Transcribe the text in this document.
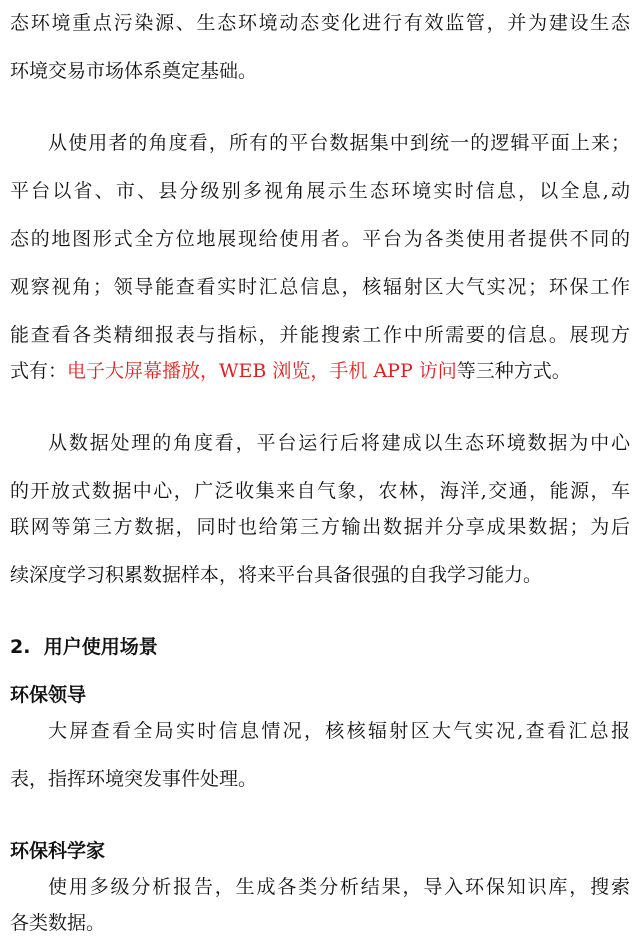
态环境重点污染源、生态环境动态变化进行有效监管，并为建设生态
环境交易市场体系奠定基础。
从使用者的角度看，所有的平台数据集中到统一的逻辑平面上来；
平台以省、市、县分级别多视角展示生态环境实时信息，以全息,动
态的地图形式全方位地展现给使用者。平台为各类使用者提供不同的
观察视角；领导能查看实时汇总信息，核辐射区大气实况；环保工作
能查看各类精细报表与指标，并能搜索工作中所需要的信息。展现方
式有：电子大屏幕播放，WEB 浏览，手机 APP 访问等三种方式。
从数据处理的角度看，平台运行后将建成以生态环境数据为中心
的开放式数据中心，广泛收集来自气象，农林，海洋,交通，能源，车
联网等第三方数据，同时也给第三方输出数据并分享成果数据；为后
续深度学习积累数据样本，将来平台具备很强的自我学习能力。
2. 用户使用场景
环保领导
大屏查看全局实时信息情况，核核辐射区大气实况,查看汇总报
表，指挥环境突发事件处理。
环保科学家
使用多级分析报告，生成各类分析结果，导入环保知识库，搜索
各类数据。
